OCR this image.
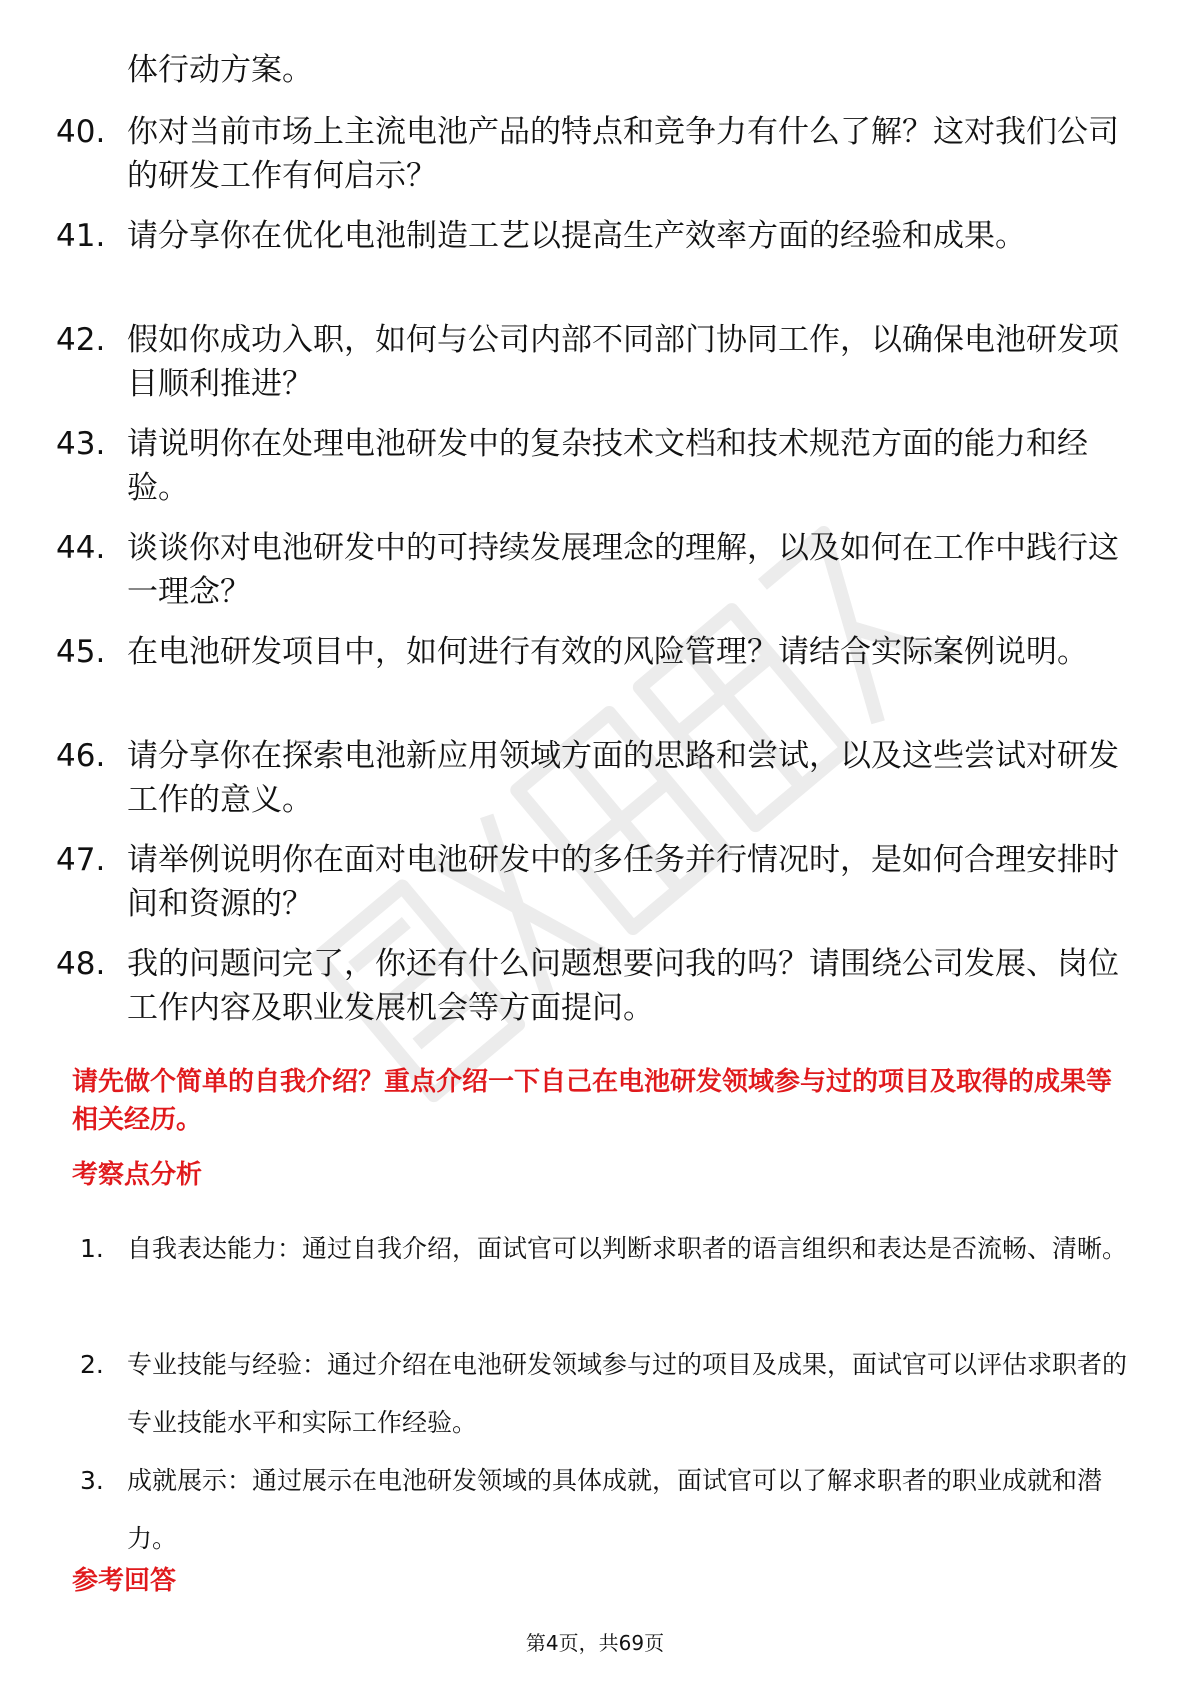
体行动方案。

40. 你对当前市场上主流电池产品的特点和竞争力有什么了解？这对我们公司的研发工作有何启示？
41. 请分享你在优化电池制造工艺以提高生产效率方面的经验和成果。
42. 假如你成功入职，如何与公司内部不同部门协同工作，以确保电池研发项目顺利推进？
43. 请说明你在处理电池研发中的复杂技术文档和技术规范方面的能力和经验。
44. 谈谈你对电池研发中的可持续发展理念的理解，以及如何在工作中践行这一理念？
45. 在电池研发项目中，如何进行有效的风险管理？请结合实际案例说明。
46. 请分享你在探索电池新应用领域方面的思路和尝试，以及这些尝试对研发工作的意义。
47. 请举例说明你在面对电池研发中的多任务并行情况时，是如何合理安排时间和资源的？
48. 我的问题问完了，你还有什么问题想要问我的吗？请围绕公司发展、岗位工作内容及职业发展机会等方面提问。
请先做个简单的自我介绍？重点介绍一下自己在电池研发领域参与过的项目及取得的成果等相关经历。
考察点分析
1. 自我表达能力：通过自我介绍，面试官可以判断求职者的语言组织和表达是否流畅、清晰。
2. 专业技能与经验：通过介绍在电池研发领域参与过的项目及成果，面试官可以评估求职者的专业技能水平和实际工作经验。
3. 成就展示：通过展示在电池研发领域的具体成就，面试官可以了解求职者的职业成就和潜力。
参考回答
第4页，共69页
